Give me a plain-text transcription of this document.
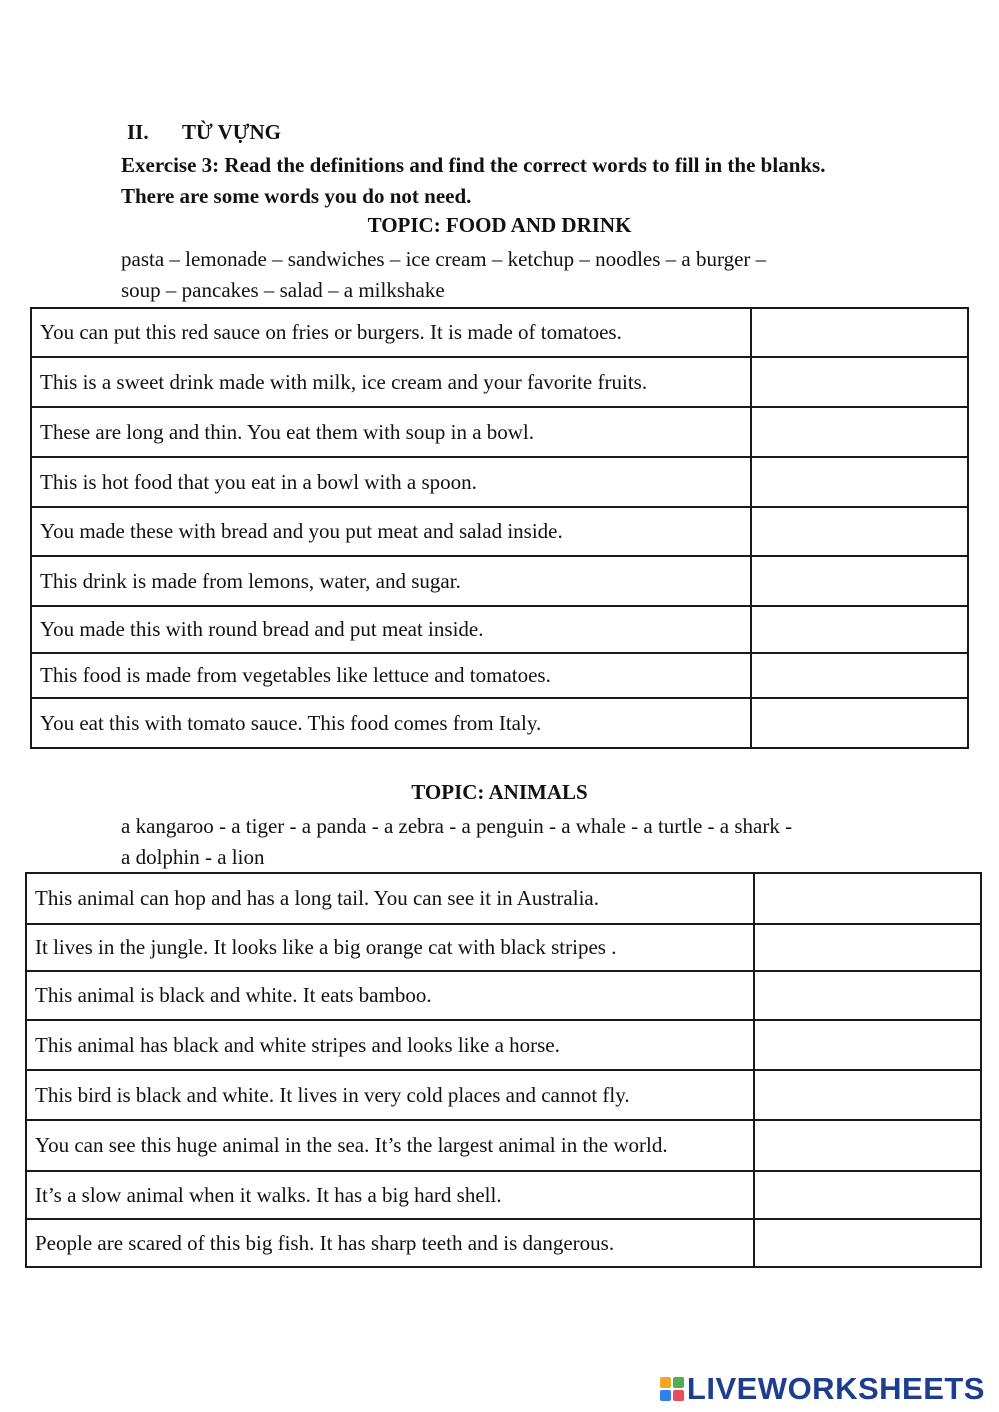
II. TỪ VỰNG
Exercise 3: Read the definitions and find the correct words to fill in the blanks. There are some words you do not need.
TOPIC: FOOD AND DRINK
pasta – lemonade – sandwiches – ice cream – ketchup – noodles – a burger –
soup – pancakes – salad – a milkshake
You can put this red sauce on fries or burgers. It is made of tomatoes.	
This is a sweet drink made with milk, ice cream and your favorite fruits.	
These are long and thin. You eat them with soup in a bowl.	
This is hot food that you eat in a bowl with a spoon.	
You made these with bread and you put meat and salad inside.	
This drink is made from lemons, water, and sugar.	
You made this with round bread and put meat inside.	
This food is made from vegetables like lettuce and tomatoes.	
You eat this with tomato sauce. This food comes from Italy.	
TOPIC: ANIMALS
a kangaroo - a tiger - a panda - a zebra - a penguin - a whale - a turtle - a shark -
a dolphin - a lion
This animal can hop and has a long tail. You can see it in Australia.	
It lives in the jungle. It looks like a big orange cat with black stripes .	
This animal is black and white. It eats bamboo.	
This animal has black and white stripes and looks like a horse.	
This bird is black and white. It lives in very cold places and cannot fly.	
You can see this huge animal in the sea. It’s the largest animal in the world.	
It’s a slow animal when it walks. It has a big hard shell.	
People are scared of this big fish. It has sharp teeth and is dangerous.	
LIVEWORKSHEETS
